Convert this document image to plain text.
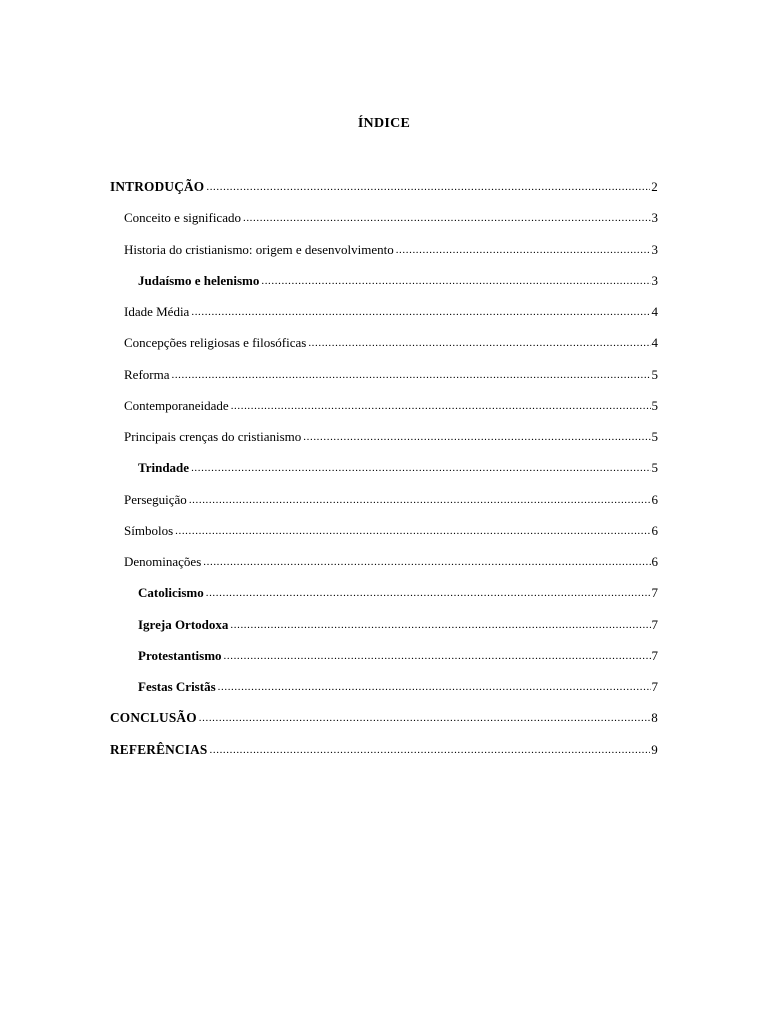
ÍNDICE
INTRODUÇÃO .....	2
Conceito e significado .....	3
Historia do cristianismo: origem e desenvolvimento .....	3
Judaísmo e helenismo .....	3
Idade Média .....	4
Concepções religiosas e filosóficas .....	4
Reforma .....	5
Contemporaneidade .....	5
Principais crenças do cristianismo .....	5
Trindade .....	5
Perseguição .....	6
Símbolos .....	6
Denominações .....	6
Catolicismo .....	7
Igreja Ortodoxa .....	7
Protestantismo .....	7
Festas Cristãs .....	7
CONCLUSÃO .....	8
REFERÊNCIAS .....	9
